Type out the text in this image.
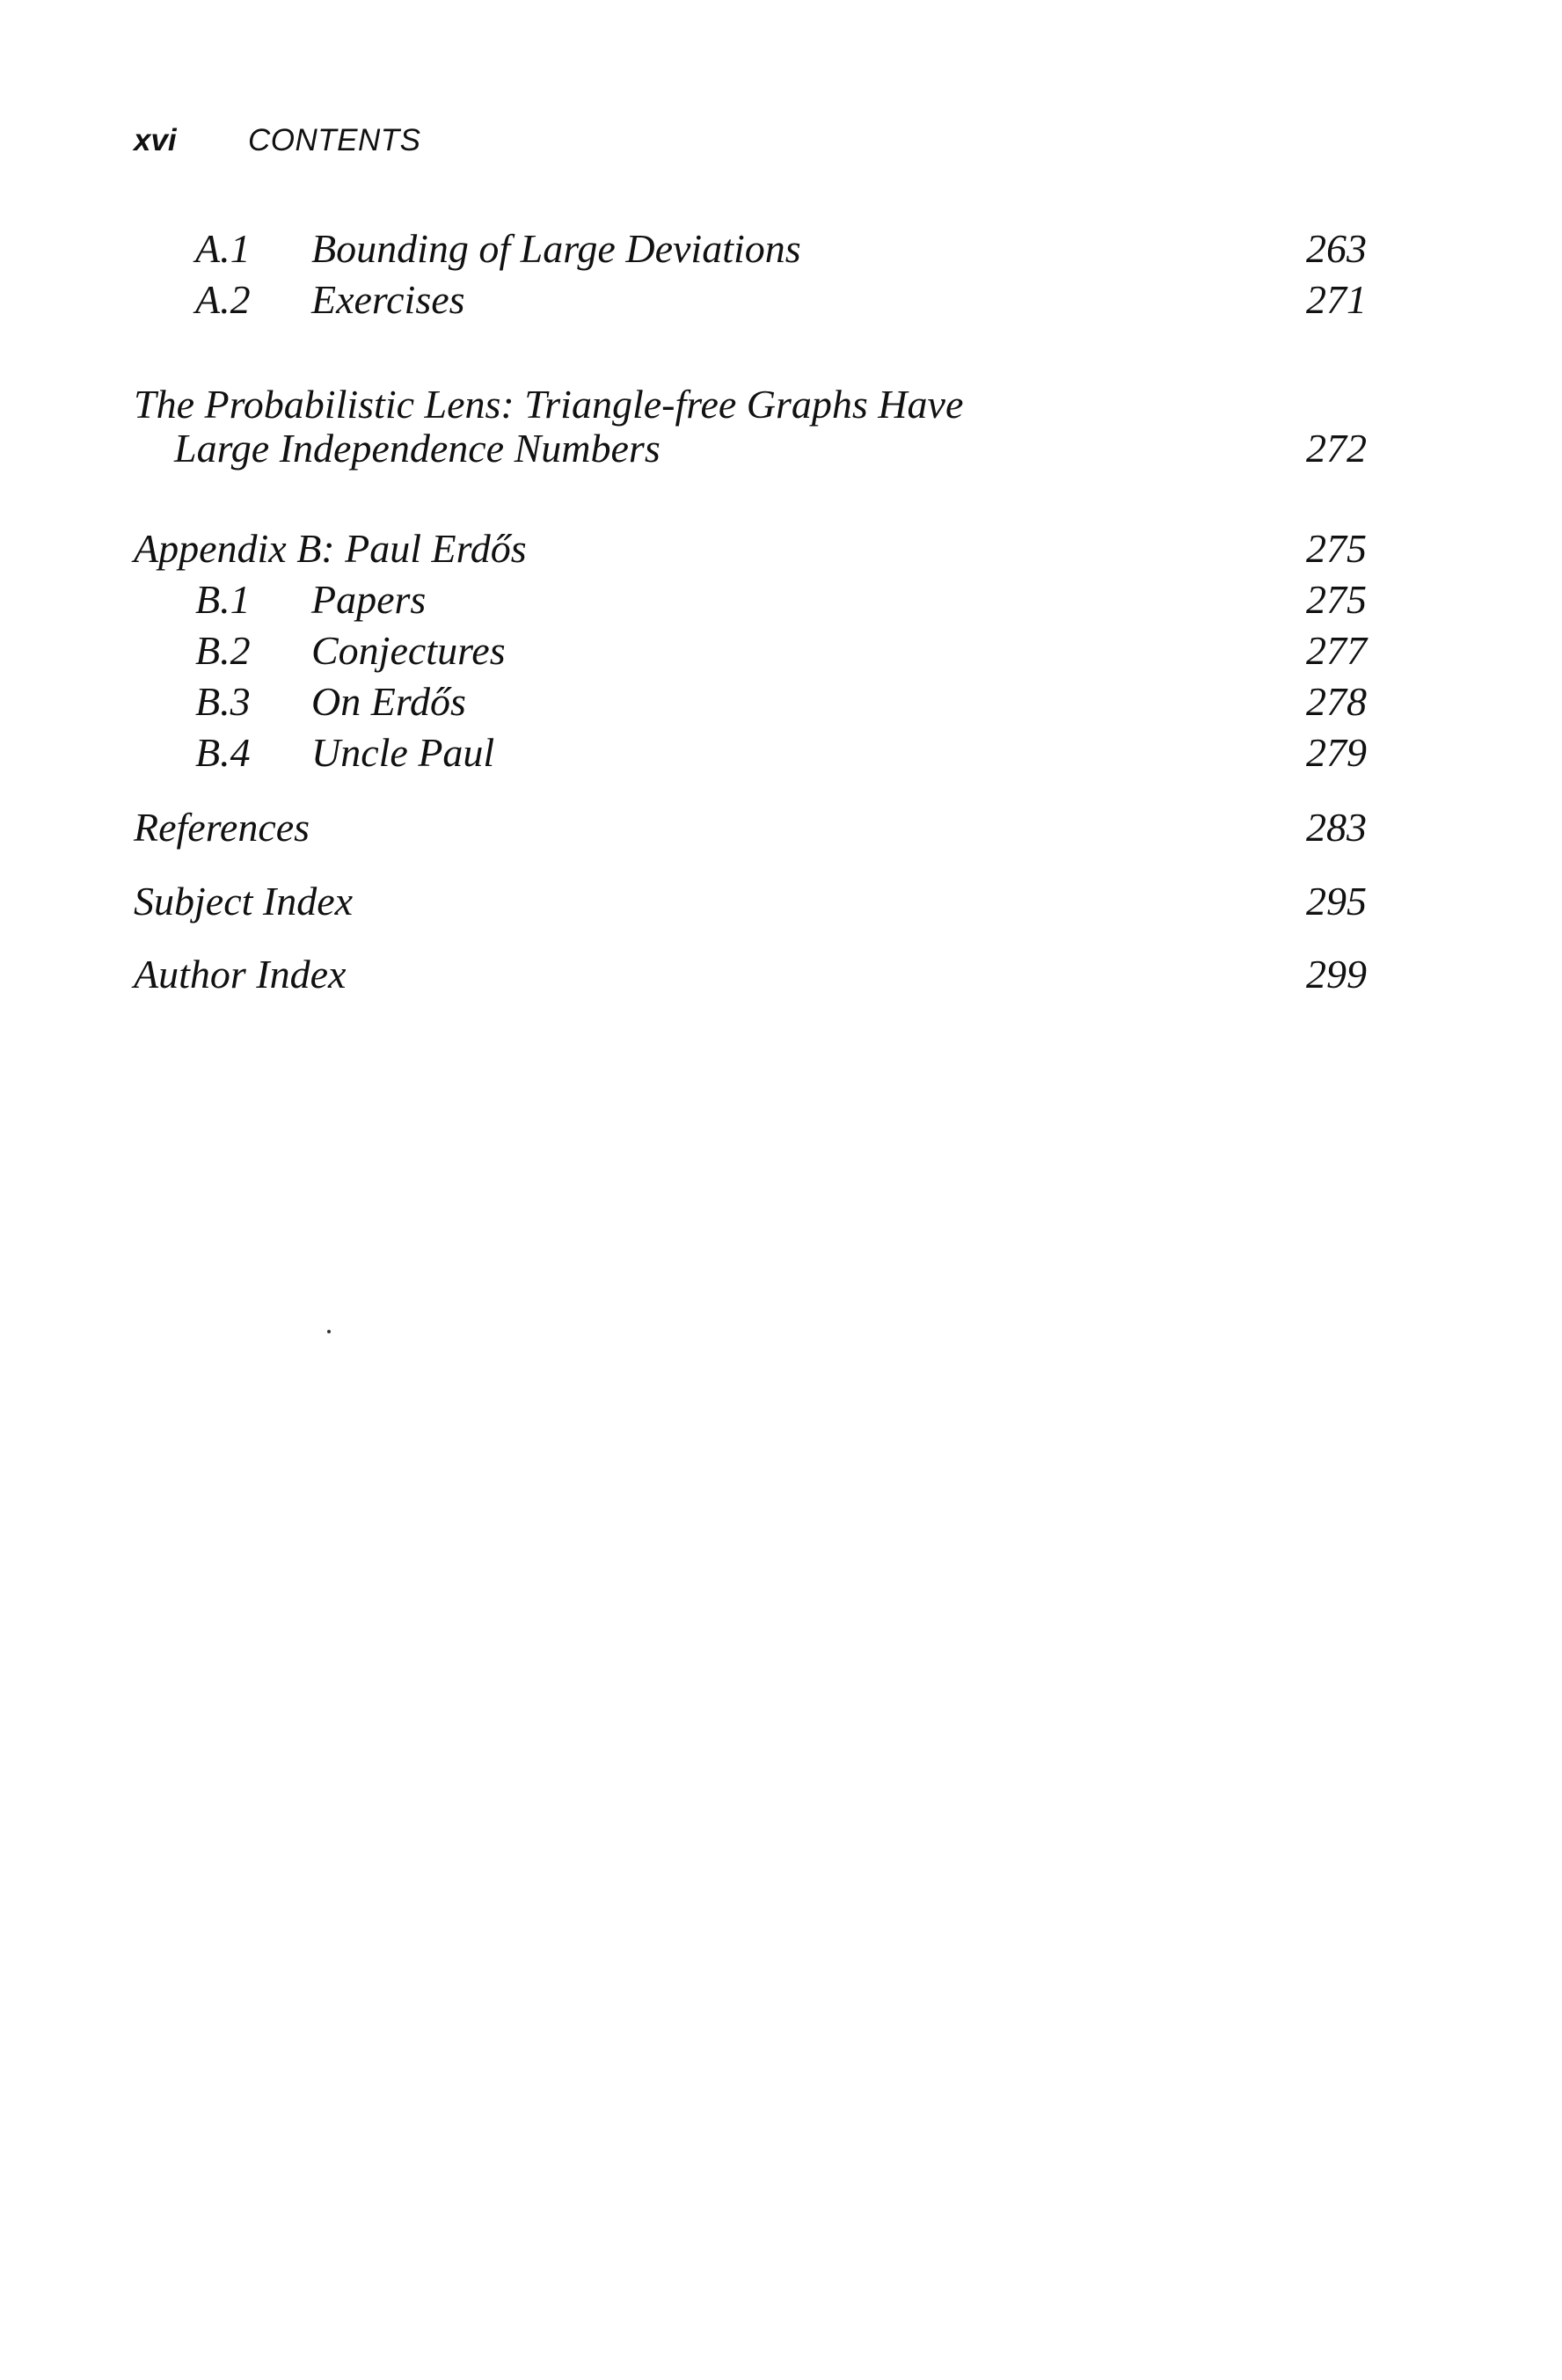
xvi CONTENTS
A.1 Bounding of Large Deviations	263
A.2 Exercises	271
The Probabilistic Lens: Triangle-free Graphs Have
Large Independence Numbers	272
Appendix B: Paul Erdős	275
B.1 Papers	275
B.2 Conjectures	277
B.3 On Erdős	278
B.4 Uncle Paul	279
References	283
Subject Index	295
Author Index	299
